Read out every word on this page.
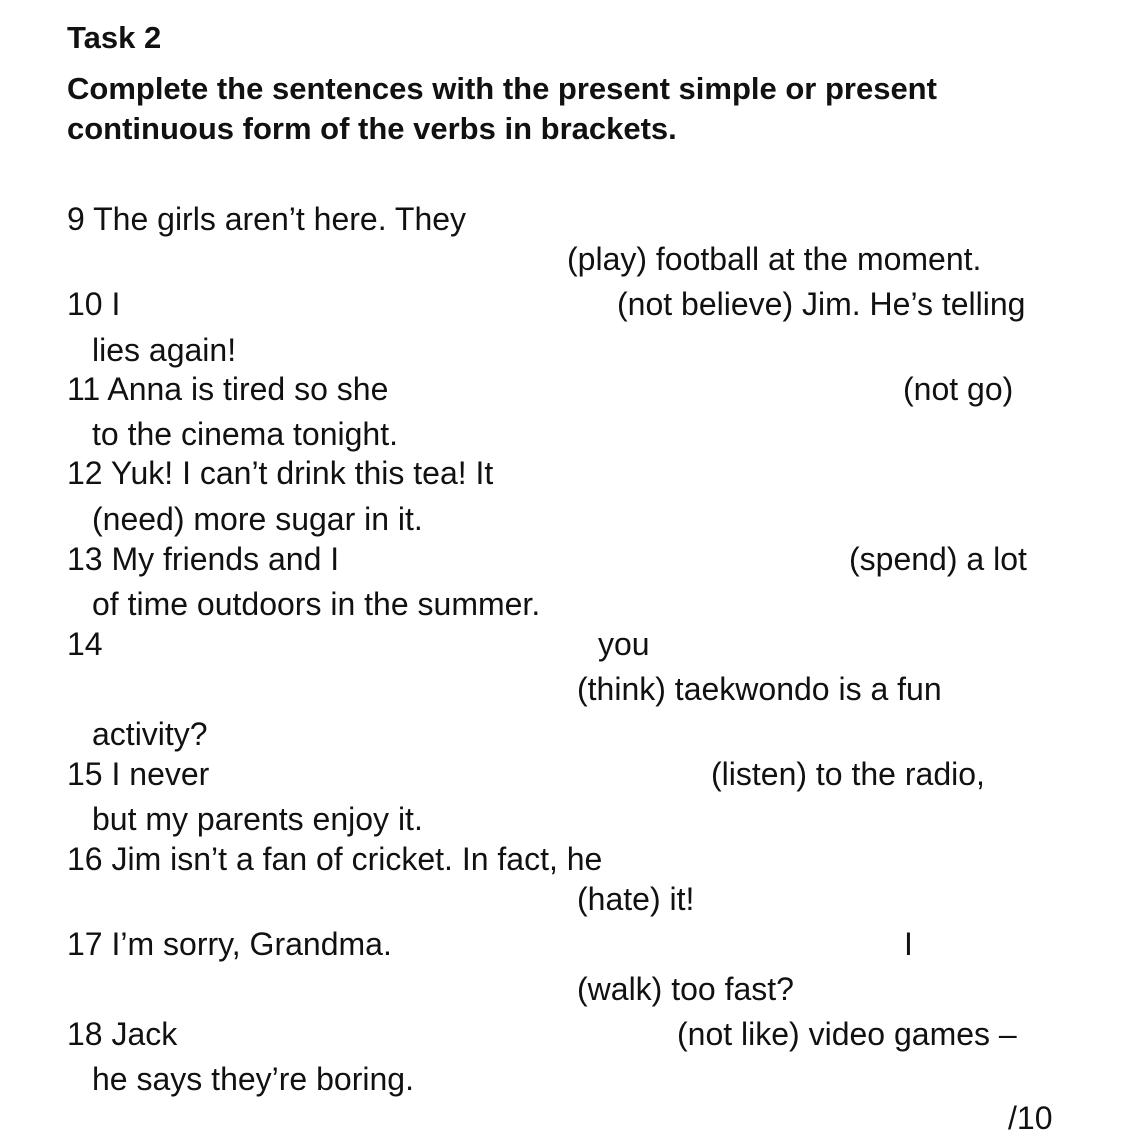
Task 2
Complete the sentences with the present simple or present
continuous form of the verbs in brackets.
9 The girls aren’t here. They
(play) football at the moment.
10 I	(not believe) Jim. He’s telling
lies again!
11 Anna is tired so she	(not go)
to the cinema tonight.
12 Yuk! I can’t drink this tea! It
(need) more sugar in it.
13 My friends and I	(spend) a lot
of time outdoors in the summer.
14	you
(think) taekwondo is a fun
activity?
15 I never	(listen) to the radio,
but my parents enjoy it.
16 Jim isn’t a fan of cricket. In fact, he
(hate) it!
17 I’m sorry, Grandma.	I
(walk) too fast?
18 Jack	(not like) video games –
he says they’re boring.
/10
